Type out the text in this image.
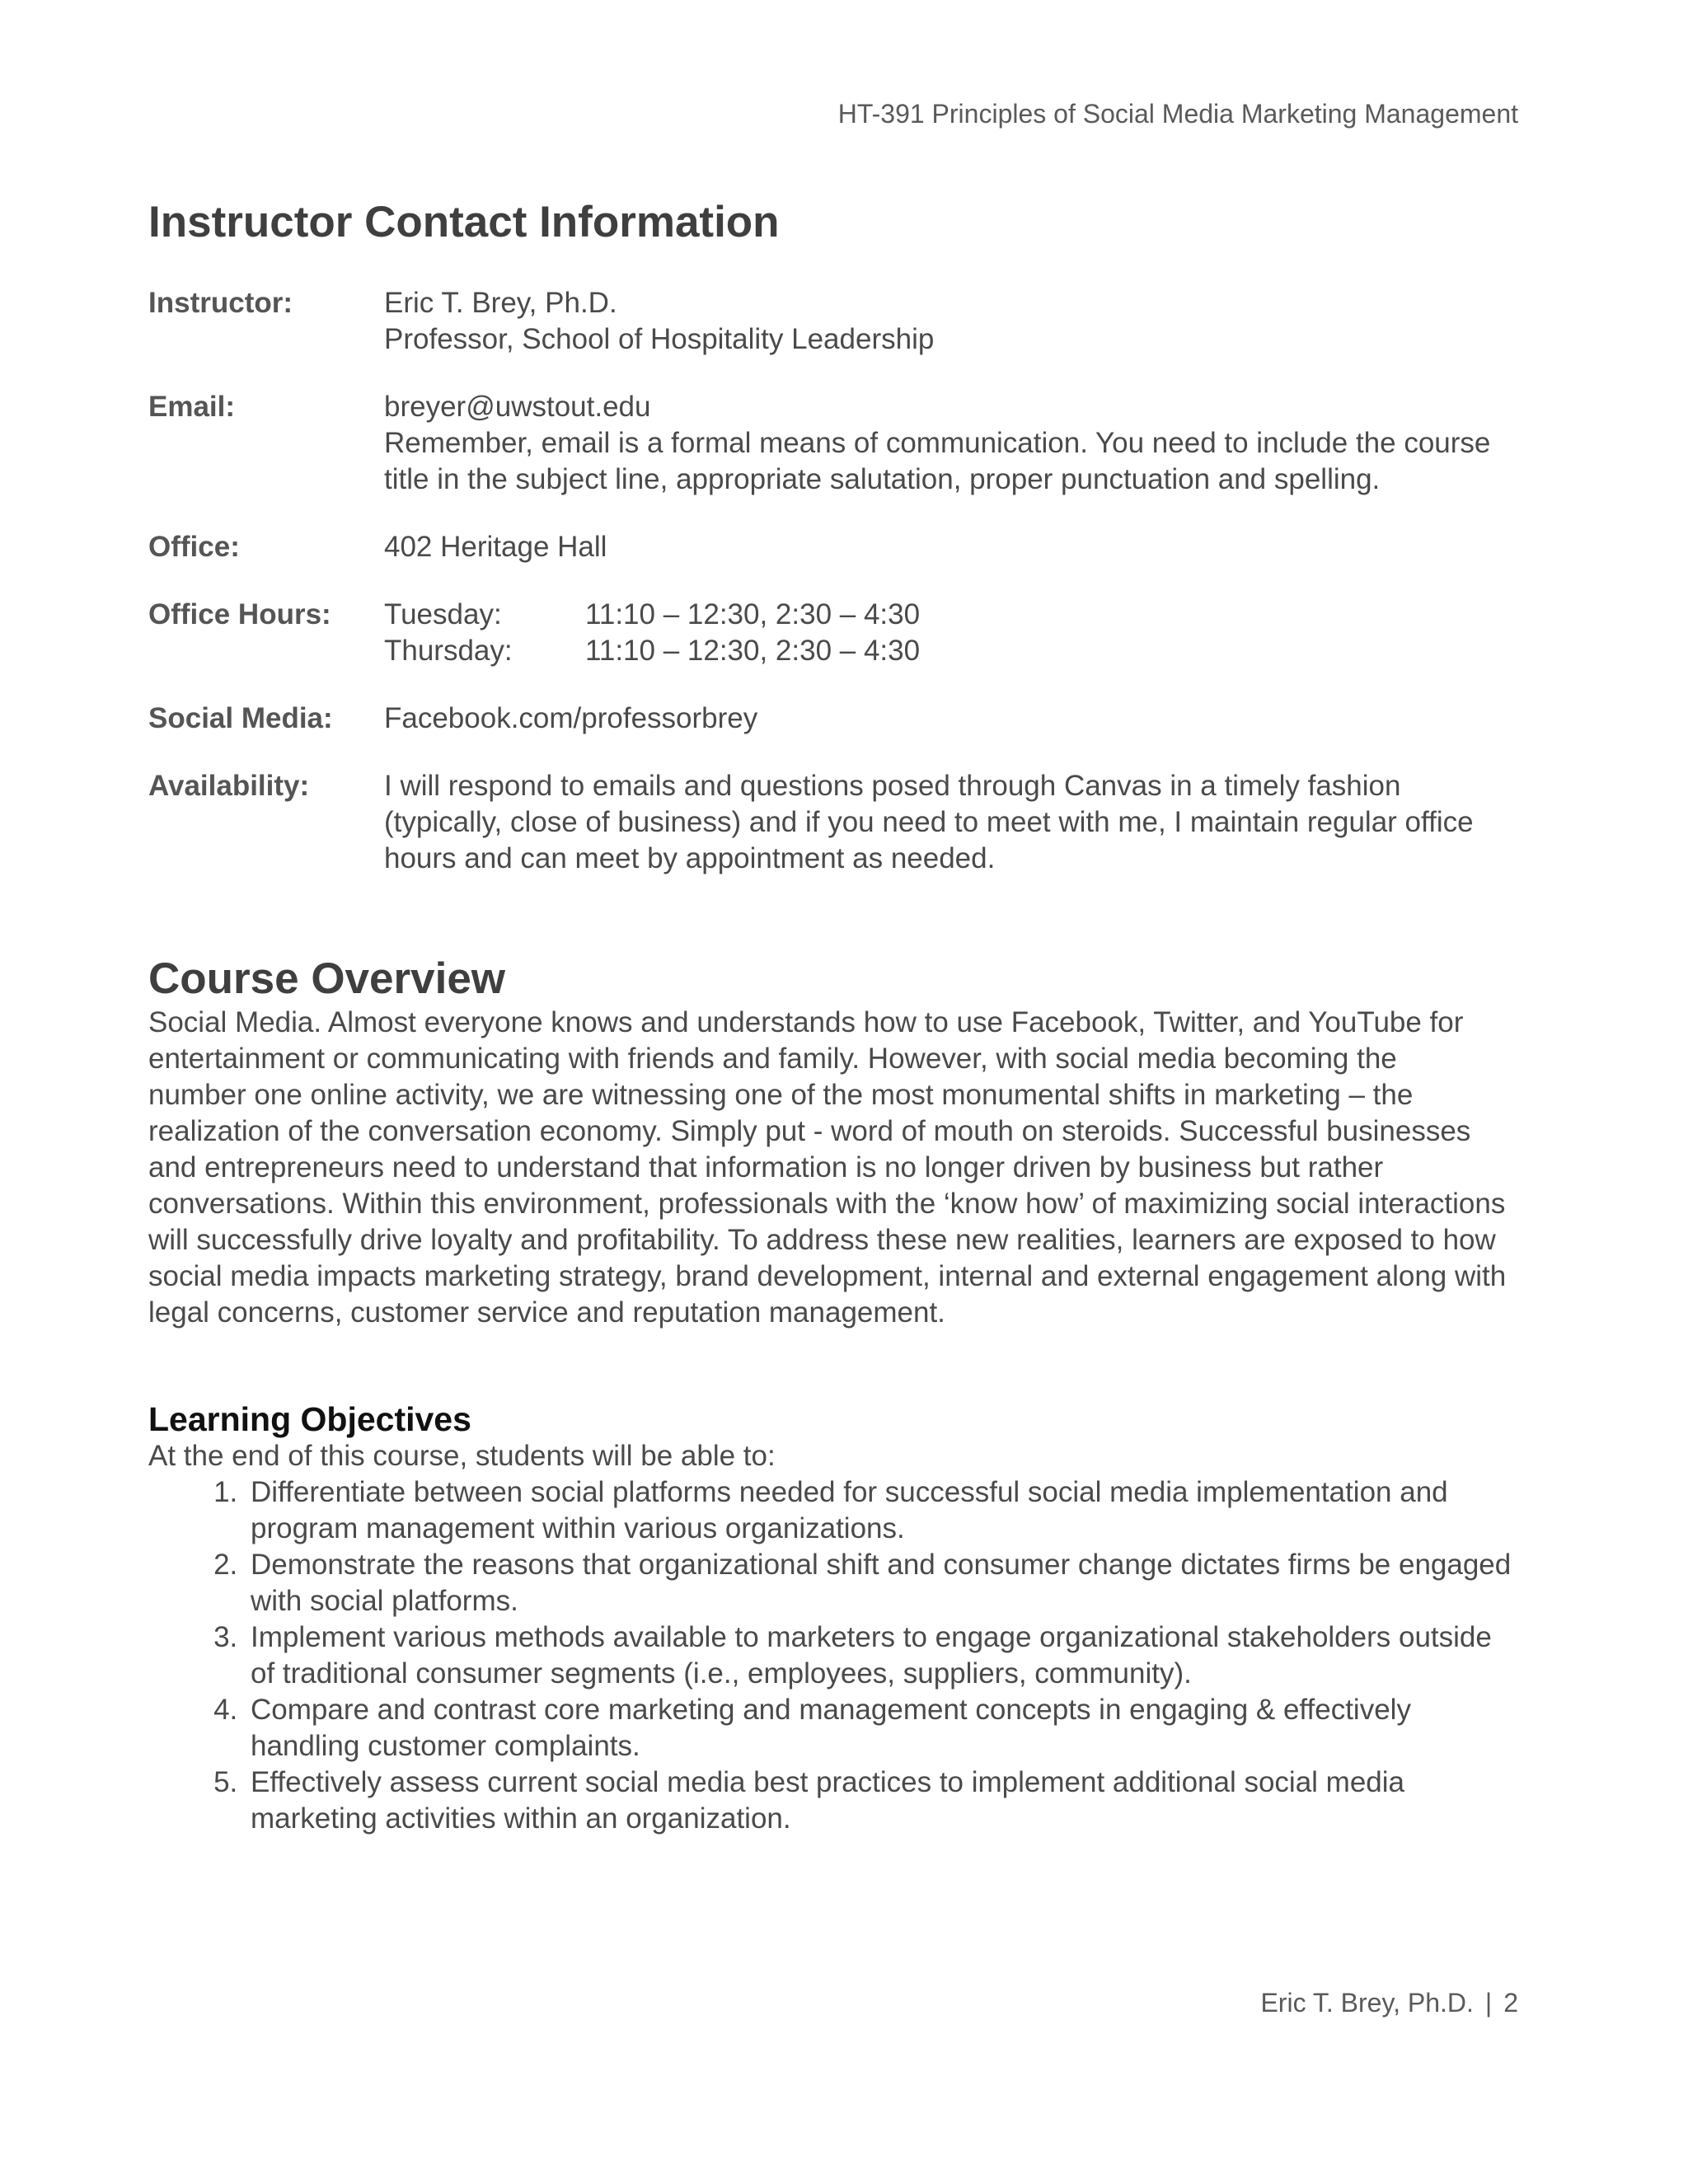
HT-391 Principles of Social Media Marketing Management
Instructor Contact Information
Instructor:	Eric T. Brey, Ph.D.
Professor, School of Hospitality Leadership
Email:	breyer@uwstout.edu
Remember, email is a formal means of communication. You need to include the course
title in the subject line, appropriate salutation, proper punctuation and spelling.
Office:	402 Heritage Hall
Office Hours:	Tuesday:	11:10 – 12:30, 2:30 – 4:30
Thursday:	11:10 – 12:30, 2:30 – 4:30
Social Media:	Facebook.com/professorbrey
Availability:	I will respond to emails and questions posed through Canvas in a timely fashion
(typically, close of business) and if you need to meet with me, I maintain regular office
hours and can meet by appointment as needed.
Course Overview
Social Media. Almost everyone knows and understands how to use Facebook, Twitter, and YouTube for
entertainment or communicating with friends and family. However, with social media becoming the
number one online activity, we are witnessing one of the most monumental shifts in marketing – the
realization of the conversation economy. Simply put - word of mouth on steroids. Successful businesses
and entrepreneurs need to understand that information is no longer driven by business but rather
conversations. Within this environment, professionals with the ‘know how’ of maximizing social interactions
will successfully drive loyalty and profitability. To address these new realities, learners are exposed to how
social media impacts marketing strategy, brand development, internal and external engagement along with
legal concerns, customer service and reputation management.
Learning Objectives
At the end of this course, students will be able to:
1. Differentiate between social platforms needed for successful social media implementation and
program management within various organizations.
2. Demonstrate the reasons that organizational shift and consumer change dictates firms be engaged
with social platforms.
3. Implement various methods available to marketers to engage organizational stakeholders outside
of traditional consumer segments (i.e., employees, suppliers, community).
4. Compare and contrast core marketing and management concepts in engaging & effectively
handling customer complaints.
5. Effectively assess current social media best practices to implement additional social media
marketing activities within an organization.
Eric T. Brey, Ph.D. | 2
